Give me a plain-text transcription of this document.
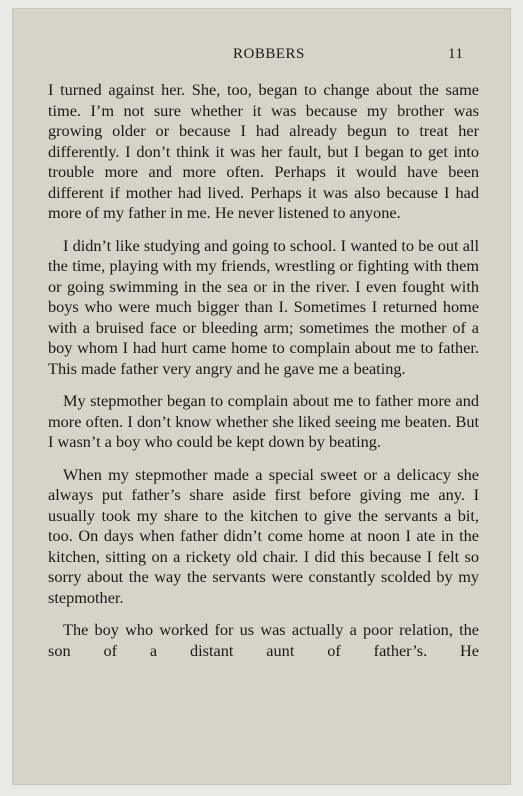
ROBBERS	11

I turned against her. She, too, began to change about the same time. I’m not sure whether it was because my brother was growing older or because I had already begun to treat her differently. I don’t think it was her fault, but I began to get into trouble more and more often. Perhaps it would have been different if mother had lived. Perhaps it was also because I had more of my father in me. He never listened to anyone.

I didn’t like studying and going to school. I wanted to be out all the time, playing with my friends, wrestling or fighting with them or going swimming in the sea or in the river. I even fought with boys who were much bigger than I. Sometimes I returned home with a bruised face or bleeding arm; sometimes the mother of a boy whom I had hurt came home to complain about me to father. This made father very angry and he gave me a beating.

My stepmother began to complain about me to father more and more often. I don’t know whether she liked seeing me beaten. But I wasn’t a boy who could be kept down by beating.

When my stepmother made a special sweet or a delicacy she always put father’s share aside first before giving me any. I usually took my share to the kitchen to give the servants a bit, too. On days when father didn’t come home at noon I ate in the kitchen, sitting on a rickety old chair. I did this because I felt so sorry about the way the servants were constantly scolded by my stepmother.

The boy who worked for us was actually a poor relation, the son of a distant aunt of father’s. He
